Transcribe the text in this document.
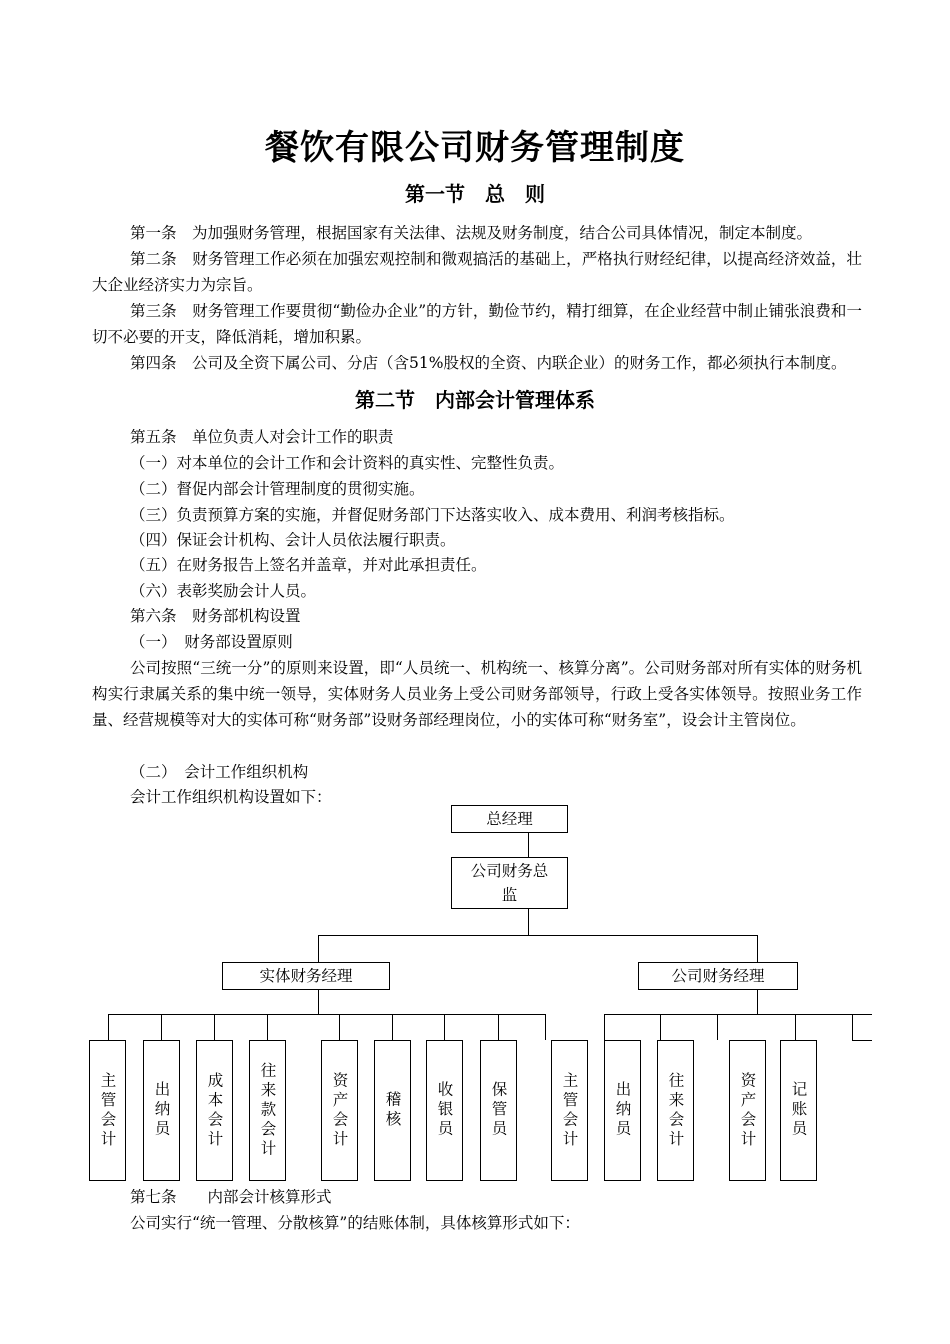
餐饮有限公司财务管理制度
第一节　总　则
第一条　为加强财务管理，根据国家有关法律、法规及财务制度，结合公司具体情况，制定本制度。
第二条　财务管理工作必须在加强宏观控制和微观搞活的基础上，严格执行财经纪律，以提高经济效益，壮大企业经济实力为宗旨。
第三条　财务管理工作要贯彻“勤俭办企业”的方针，勤俭节约，精打细算，在企业经营中制止铺张浪费和一切不必要的开支，降低消耗，增加积累。
第四条　公司及全资下属公司、分店（含51%股权的全资、内联企业）的财务工作，都必须执行本制度。
第二节　内部会计管理体系
第五条　单位负责人对会计工作的职责
（一）对本单位的会计工作和会计资料的真实性、完整性负责。
（二）督促内部会计管理制度的贯彻实施。
（三）负责预算方案的实施，并督促财务部门下达落实收入、成本费用、利润考核指标。
（四）保证会计机构、会计人员依法履行职责。
（五）在财务报告上签名并盖章，并对此承担责任。
（六）表彰奖励会计人员。
第六条　财务部机构设置
（一）　财务部设置原则
公司按照“三统一分”的原则来设置，即“人员统一、机构统一、核算分离”。公司财务部对所有实体的财务机构实行隶属关系的集中统一领导，实体财务人员业务上受公司财务部领导，行政上受各实体领导。按照业务工作量、经营规模等对大的实体可称“财务部”设财务部经理岗位，小的实体可称“财务室”，设会计主管岗位。
（二）　会计工作组织机构
会计工作组织机构设置如下：
总经理
公司财务总监
实体财务经理	公司财务经理
主管会计 出纳员 成本会计 往来款会计	资产会计 稽核 收银员 保管员	主管会计 出纳员 往来会计	资产会计 记账员
第七条　　内部会计核算形式
公司实行“统一管理、分散核算”的结账体制，具体核算形式如下：
